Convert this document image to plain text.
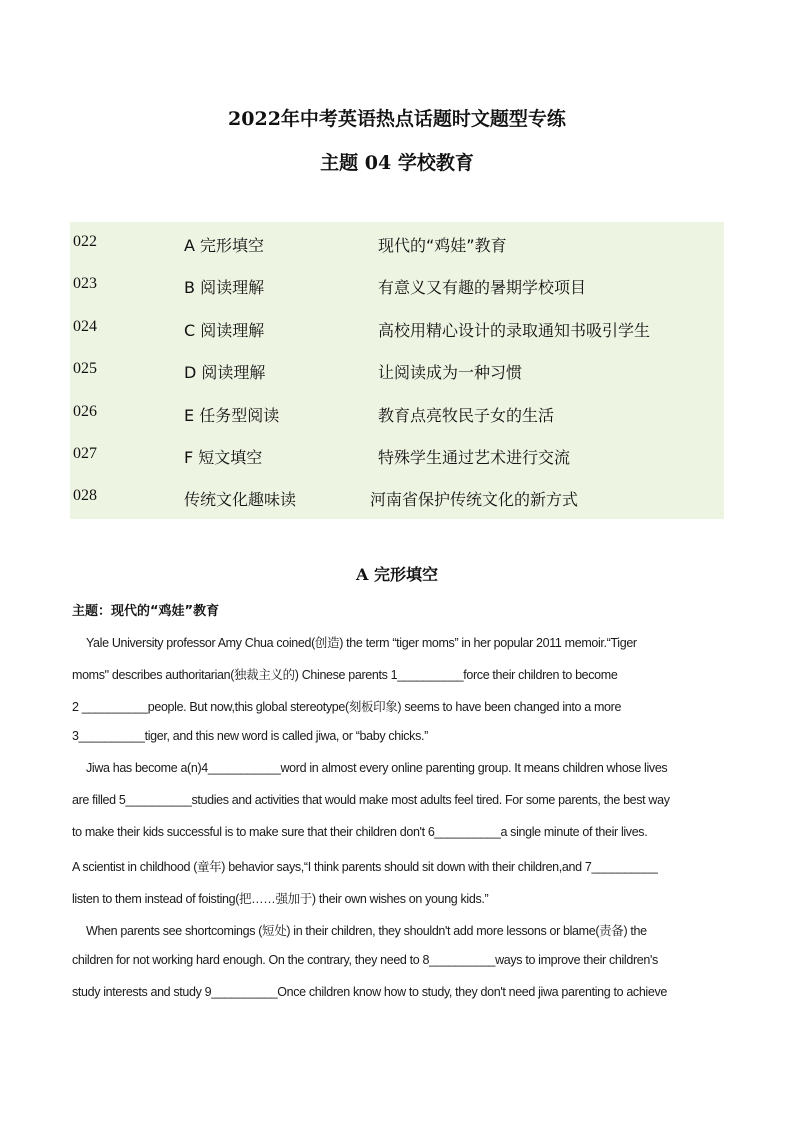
2022年中考英语热点话题时文题型专练
主题 04 学校教育
022	A 完形填空	现代的“鸡娃”教育
023	B 阅读理解	有意义又有趣的暑期学校项目
024	C 阅读理解	高校用精心设计的录取通知书吸引学生
025	D 阅读理解	让阅读成为一种习惯
026	E 任务型阅读	教育点亮牧民子女的生活
027	F 短文填空	特殊学生通过艺术进行交流
028	传统文化趣味读	河南省保护传统文化的新方式
A 完形填空
主题：现代的“鸡娃”教育
Yale University professor Amy Chua coined(创造) the term “tiger moms” in her popular 2011 memoir.“Tiger
moms" describes authoritarian(独裁主义的) Chinese parents 1__________force their children to become
2 __________people. But now,this global stereotype(刻板印象) seems to have been changed into a more
3__________tiger, and this new word is called jiwa, or “baby chicks.”
Jiwa has become a(n)4___________word in almost every online parenting group. It means children whose lives
are filled 5__________studies and activities that would make most adults feel tired. For some parents, the best way
to make their kids successful is to make sure that their children don't 6__________a single minute of their lives.
A scientist in childhood (童年) behavior says,“I think parents should sit down with their children,and 7__________
listen to them instead of foisting(把……强加于) their own wishes on young kids.”
When parents see shortcomings (短处) in their children, they shouldn't add more lessons or blame(责备) the
children for not working hard enough. On the contrary, they need to 8__________ways to improve their children's
study interests and study 9__________Once children know how to study, they don't need jiwa parenting to achieve
